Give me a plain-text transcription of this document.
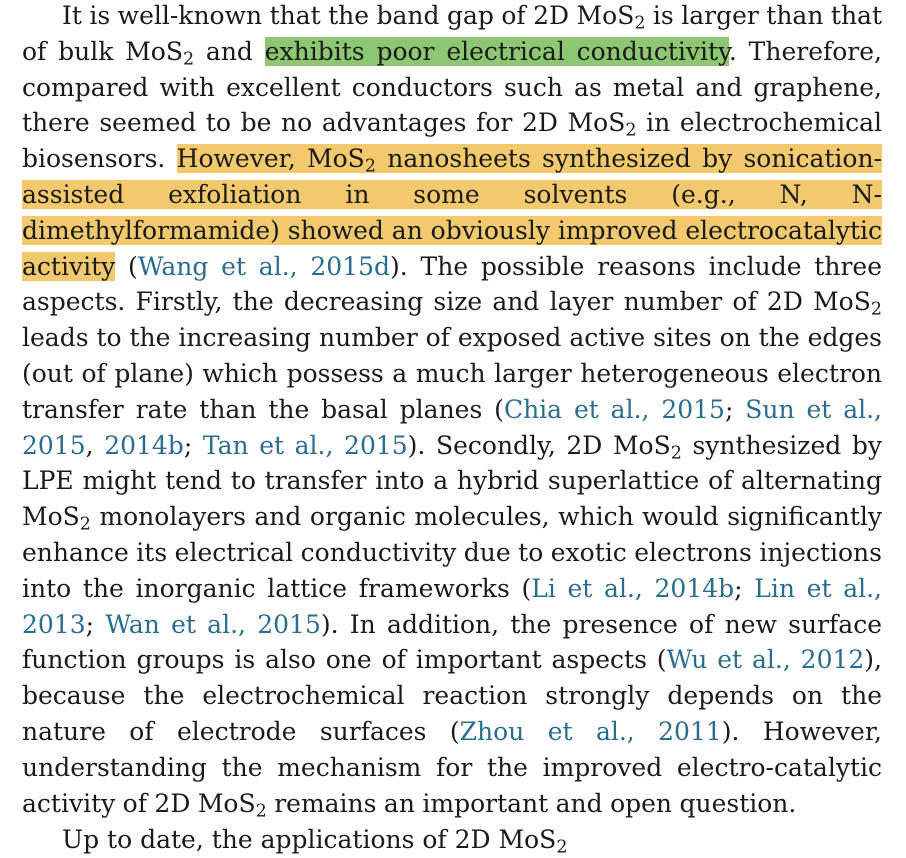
It is well-known that the band gap of 2D MoS$_2$ is larger than that of bulk MoS$_2$ and exhibits poor electrical conductivity. Therefore, compared with excellent conductors such as metal and graphene, there seemed to be no advantages for 2D MoS$_2$ in electrochemical biosensors. However, MoS$_2$ nanosheets synthesized by sonication-assisted exfoliation in some solvents (e.g., N, N-dimethylformamide) showed an obviously improved electrocatalytic activity (Wang et al., 2015d). The possible reasons include three aspects. Firstly, the decreasing size and layer number of 2D MoS$_2$ leads to the increasing number of exposed active sites on the edges (out of plane) which possess a much larger heterogeneous electron transfer rate than the basal planes (Chia et al., 2015; Sun et al., 2015, 2014b; Tan et al., 2015). Secondly, 2D MoS$_2$ synthesized by LPE might tend to transfer into a hybrid superlattice of alternating MoS$_2$ monolayers and organic molecules, which would significantly enhance its electrical conductivity due to exotic electrons injections into the inorganic lattice frameworks (Li et al., 2014b; Lin et al., 2013; Wan et al., 2015). In addition, the presence of new surface function groups is also one of important aspects (Wu et al., 2012), because the electrochemical reaction strongly depends on the nature of electrode surfaces (Zhou et al., 2011). However, understanding the mechanism for the improved electro-catalytic activity of 2D MoS$_2$ remains an important and open question.

Up to date, the applications of 2D MoS$_2$
